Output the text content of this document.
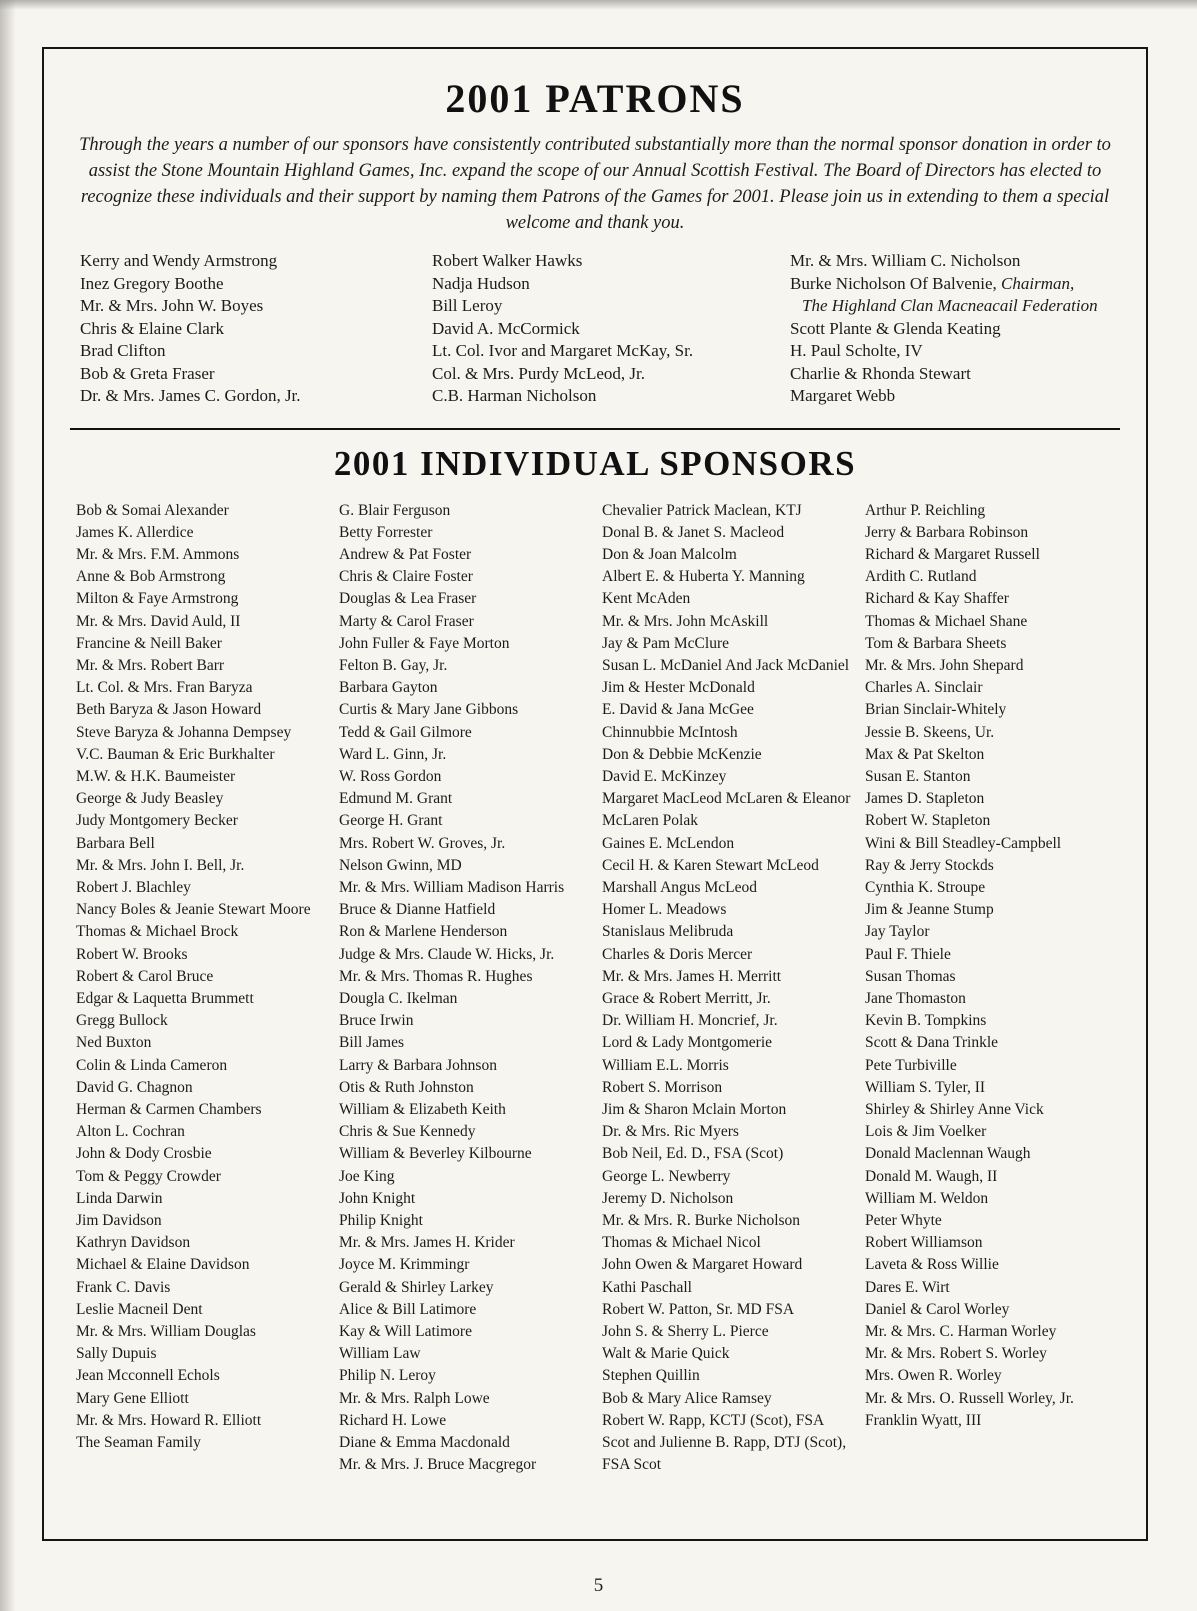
2001 PATRONS

Through the years a number of our sponsors have consistently contributed substantially more than the normal sponsor donation in order to assist the Stone Mountain Highland Games, Inc. expand the scope of our Annual Scottish Festival. The Board of Directors has elected to recognize these individuals and their support by naming them Patrons of the Games for 2001. Please join us in extending to them a special welcome and thank you.

Kerry and Wendy Armstrong
Inez Gregory Boothe
Mr. & Mrs. John W. Boyes
Chris & Elaine Clark
Brad Clifton
Bob & Greta Fraser
Dr. & Mrs. James C. Gordon, Jr.
Robert Walker Hawks
Nadja Hudson
Bill Leroy
David A. McCormick
Lt. Col. Ivor and Margaret McKay, Sr.
Col. & Mrs. Purdy McLeod, Jr.
C.B. Harman Nicholson
Mr. & Mrs. William C. Nicholson
Burke Nicholson Of Balvenie, Chairman,
The Highland Clan Macneacail Federation
Scott Plante & Glenda Keating
H. Paul Scholte, IV
Charlie & Rhonda Stewart
Margaret Webb
2001 INDIVIDUAL SPONSORS
Bob & Somai Alexander
James K. Allerdice
Mr. & Mrs. F.M. Ammons
Anne & Bob Armstrong
Milton & Faye Armstrong
Mr. & Mrs. David Auld, II
Francine & Neill Baker
Mr. & Mrs. Robert Barr
Lt. Col. & Mrs. Fran Baryza
Beth Baryza & Jason Howard
Steve Baryza & Johanna Dempsey
V.C. Bauman & Eric Burkhalter
M.W. & H.K. Baumeister
George & Judy Beasley
Judy Montgomery Becker
Barbara Bell
Mr. & Mrs. John I. Bell, Jr.
Robert J. Blachley
Nancy Boles & Jeanie Stewart Moore
Thomas & Michael Brock
Robert W. Brooks
Robert & Carol Bruce
Edgar & Laquetta Brummett
Gregg Bullock
Ned Buxton
Colin & Linda Cameron
David G. Chagnon
Herman & Carmen Chambers
Alton L. Cochran
John & Dody Crosbie
Tom & Peggy Crowder
Linda Darwin
Jim Davidson
Kathryn Davidson
Michael & Elaine Davidson
Frank C. Davis
Leslie Macneil Dent
Mr. & Mrs. William Douglas
Sally Dupuis
Jean Mcconnell Echols
Mary Gene Elliott
Mr. & Mrs. Howard R. Elliott
The Seaman Family
G. Blair Ferguson
Betty Forrester
Andrew & Pat Foster
Chris & Claire Foster
Douglas & Lea Fraser
Marty & Carol Fraser
John Fuller & Faye Morton
Felton B. Gay, Jr.
Barbara Gayton
Curtis & Mary Jane Gibbons
Tedd & Gail Gilmore
Ward L. Ginn, Jr.
W. Ross Gordon
Edmund M. Grant
George H. Grant
Mrs. Robert W. Groves, Jr.
Nelson Gwinn, MD
Mr. & Mrs. William Madison Harris
Bruce & Dianne Hatfield
Ron & Marlene Henderson
Judge & Mrs. Claude W. Hicks, Jr.
Mr. & Mrs. Thomas R. Hughes
Dougla C. Ikelman
Bruce Irwin
Bill James
Larry & Barbara Johnson
Otis & Ruth Johnston
William & Elizabeth Keith
Chris & Sue Kennedy
William & Beverley Kilbourne
Joe King
John Knight
Philip Knight
Mr. & Mrs. James H. Krider
Joyce M. Krimmingr
Gerald & Shirley Larkey
Alice & Bill Latimore
Kay & Will Latimore
William Law
Philip N. Leroy
Mr. & Mrs. Ralph Lowe
Richard H. Lowe
Diane & Emma Macdonald
Mr. & Mrs. J. Bruce Macgregor
Chevalier Patrick Maclean, KTJ
Donal B. & Janet S. Macleod
Don & Joan Malcolm
Albert E. & Huberta Y. Manning
Kent McAden
Mr. & Mrs. John McAskill
Jay & Pam McClure
Susan L. McDaniel And Jack McDaniel
Jim & Hester McDonald
E. David & Jana McGee
Chinnubbie McIntosh
Don & Debbie McKenzie
David E. McKinzey
Margaret MacLeod McLaren & Eleanor McLaren Polak
Gaines E. McLendon
Cecil H. & Karen Stewart McLeod
Marshall Angus McLeod
Homer L. Meadows
Stanislaus Melibruda
Charles & Doris Mercer
Mr. & Mrs. James H. Merritt
Grace & Robert Merritt, Jr.
Dr. William H. Moncrief, Jr.
Lord & Lady Montgomerie
William E.L. Morris
Robert S. Morrison
Jim & Sharon Mclain Morton
Dr. & Mrs. Ric Myers
Bob Neil, Ed. D., FSA (Scot)
George L. Newberry
Jeremy D. Nicholson
Mr. & Mrs. R. Burke Nicholson
Thomas & Michael Nicol
John Owen & Margaret Howard
Kathi Paschall
Robert W. Patton, Sr. MD FSA
John S. & Sherry L. Pierce
Walt & Marie Quick
Stephen Quillin
Bob & Mary Alice Ramsey
Robert W. Rapp, KCTJ (Scot), FSA Scot and Julienne B. Rapp, DTJ (Scot), FSA Scot
Arthur P. Reichling
Jerry & Barbara Robinson
Richard & Margaret Russell
Ardith C. Rutland
Richard & Kay Shaffer
Thomas & Michael Shane
Tom & Barbara Sheets
Mr. & Mrs. John Shepard
Charles A. Sinclair
Brian Sinclair-Whitely
Jessie B. Skeens, Ur.
Max & Pat Skelton
Susan E. Stanton
James D. Stapleton
Robert W. Stapleton
Wini & Bill Steadley-Campbell
Ray & Jerry Stockds
Cynthia K. Stroupe
Jim & Jeanne Stump
Jay Taylor
Paul F. Thiele
Susan Thomas
Jane Thomaston
Kevin B. Tompkins
Scott & Dana Trinkle
Pete Turbiville
William S. Tyler, II
Shirley & Shirley Anne Vick
Lois & Jim Voelker
Donald Maclennan Waugh
Donald M. Waugh, II
William M. Weldon
Peter Whyte
Robert Williamson
Laveta & Ross Willie
Dares E. Wirt
Daniel & Carol Worley
Mr. & Mrs. C. Harman Worley
Mr. & Mrs. Robert S. Worley
Mrs. Owen R. Worley
Mr. & Mrs. O. Russell Worley, Jr.
Franklin Wyatt, III
5
